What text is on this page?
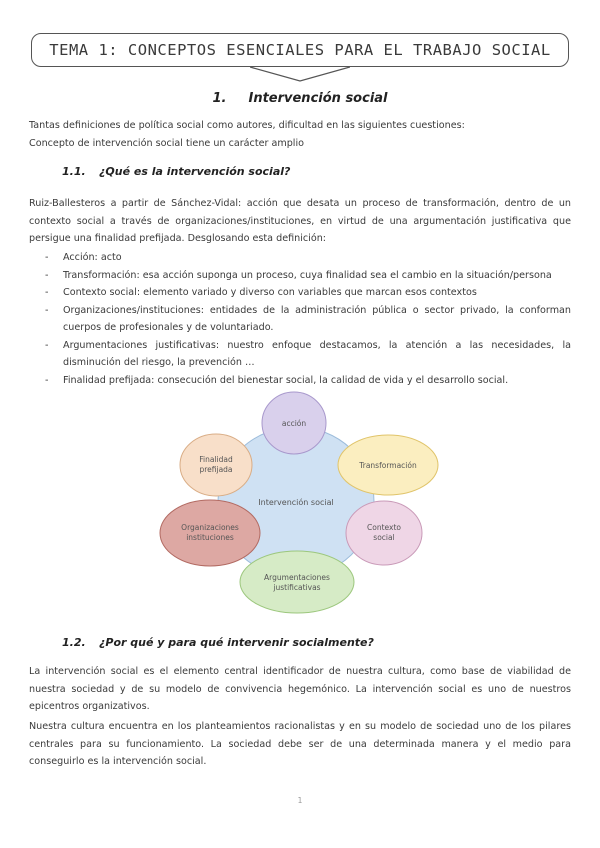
TEMA 1: CONCEPTOS ESENCIALES PARA EL TRABAJO SOCIAL
1. Intervención social

Tantas definiciones de política social como autores, dificultad en las siguientes cuestiones:

Concepto de intervención social tiene un carácter amplio

1.1. ¿Qué es la intervención social?

Ruiz-Ballesteros a partir de Sánchez-Vidal: acción que desata un proceso de transformación, dentro de un contexto social a través de organizaciones/instituciones, en virtud de una argumentación justificativa que persigue una finalidad prefijada. Desglosando esta definición:

- Acción: acto
- Transformación: esa acción suponga un proceso, cuya finalidad sea el cambio en la situación/persona
- Contexto social: elemento variado y diverso con variables que marcan esos contextos
- Organizaciones/instituciones: entidades de la administración pública o sector privado, la conforman cuerpos de profesionales y de voluntariado.
- Argumentaciones justificativas: nuestro enfoque destacamos, la atención a las necesidades, la disminución del riesgo, la prevención …
- Finalidad prefijada: consecución del bienestar social, la calidad de vida y el desarrollo social.
Intervención social
acción
Transformación
Contexto
social
Argumentaciones
justificativas
Organizaciones
instituciones
Finalidad
prefijada
1.2. ¿Por qué y para qué intervenir socialmente?

La intervención social es el elemento central identificador de nuestra cultura, como base de viabilidad de nuestra sociedad y de su modelo de convivencia hegemónico. La intervención social es uno de nuestros epicentros organizativos.

Nuestra cultura encuentra en los planteamientos racionalistas y en su modelo de sociedad uno de los pilares centrales para su funcionamiento. La sociedad debe ser de una determinada manera y el medio para conseguirlo es la intervención social.

1
